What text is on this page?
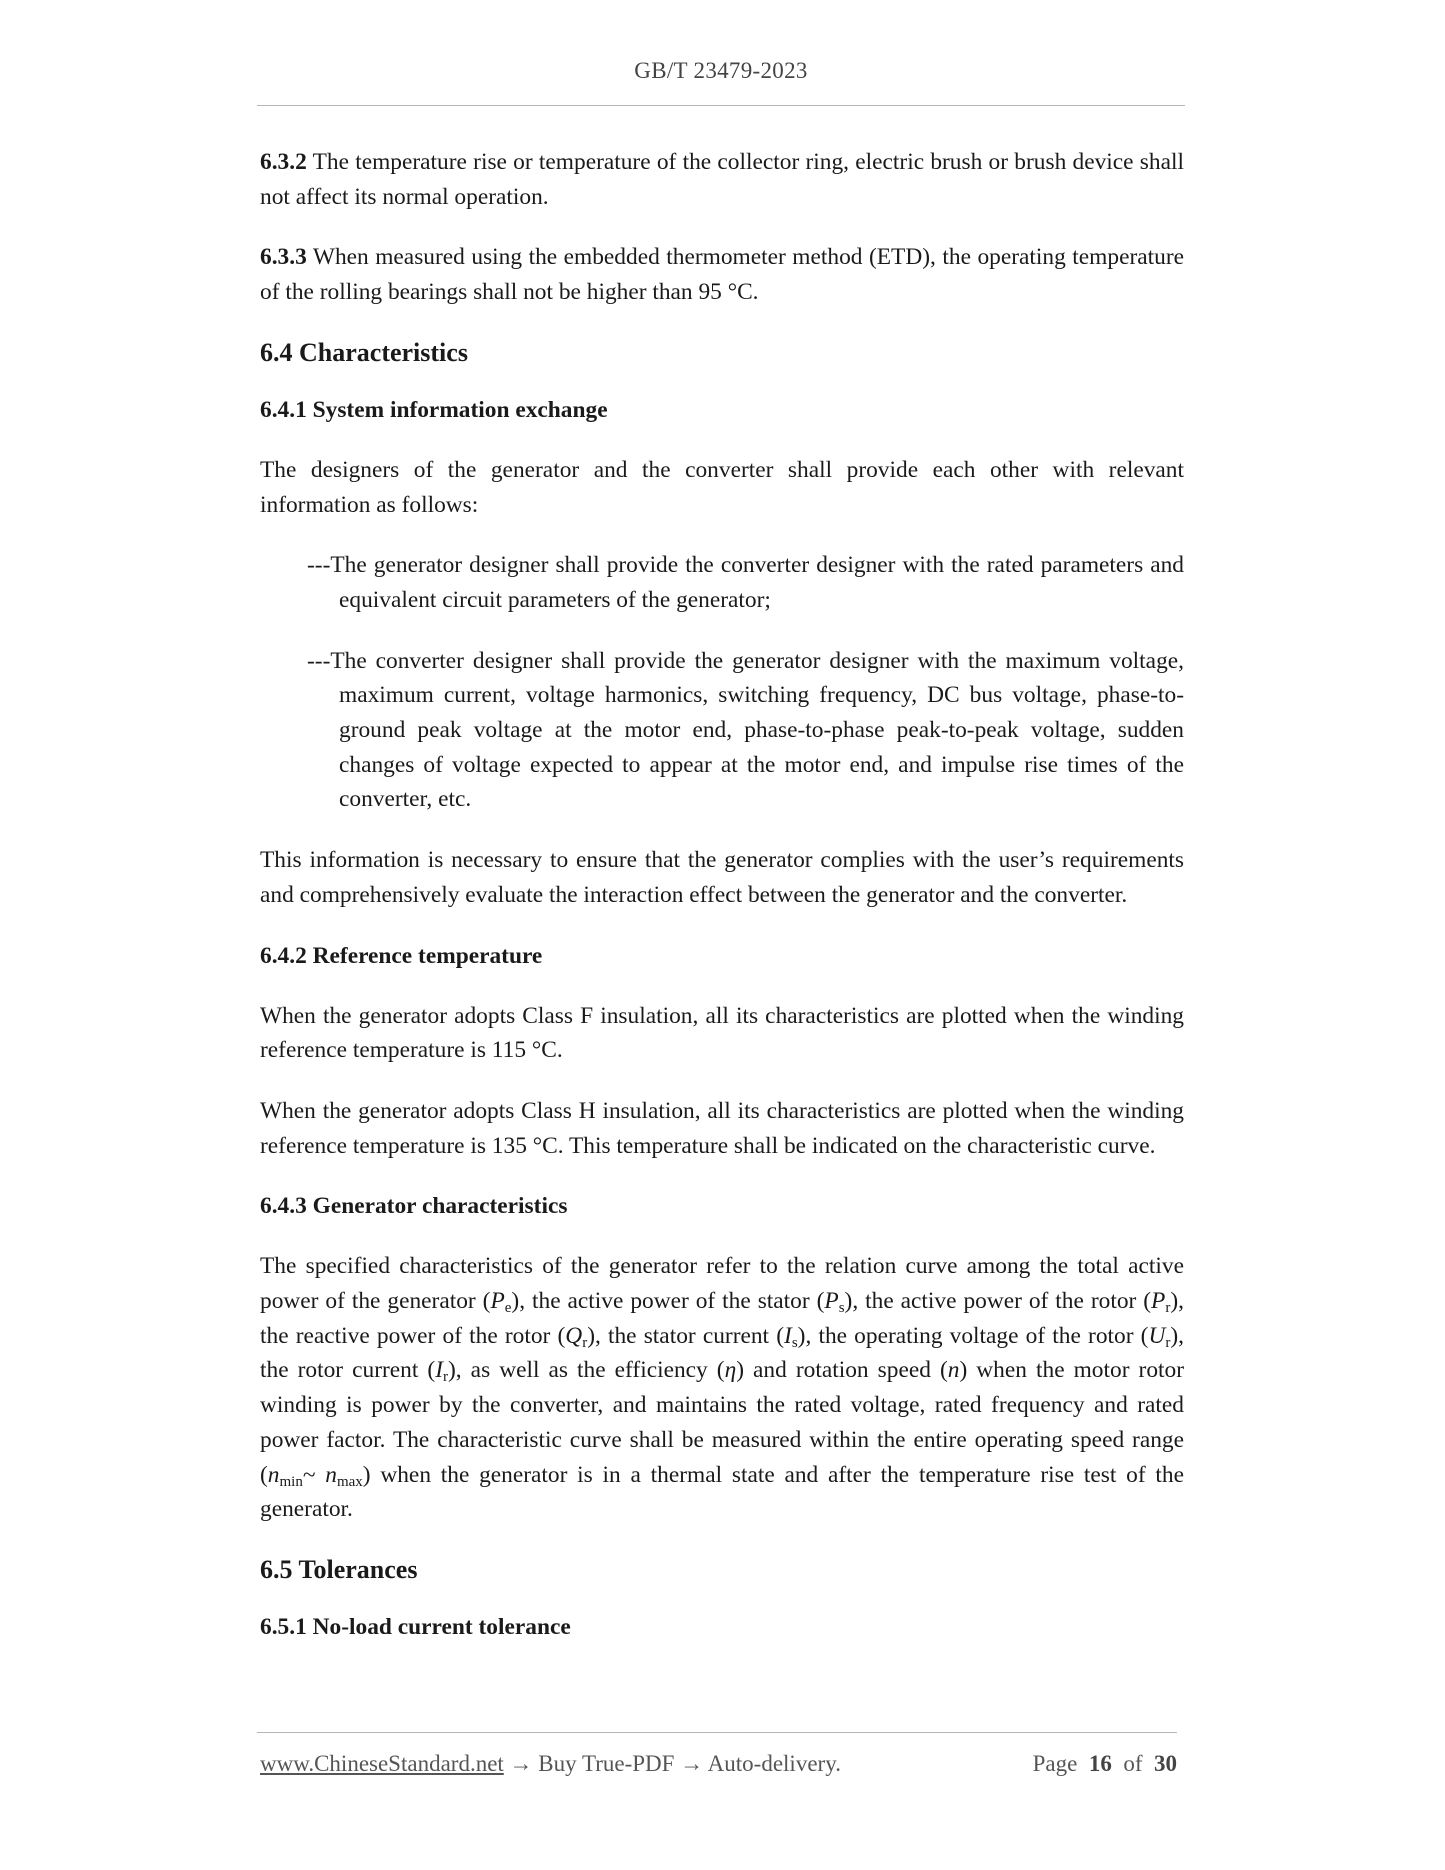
GB/T 23479-2023

6.3.2 The temperature rise or temperature of the collector ring, electric brush or brush device shall not affect its normal operation.

6.3.3 When measured using the embedded thermometer method (ETD), the operating temperature of the rolling bearings shall not be higher than 95 °C.

6.4 Characteristics
6.4.1 System information exchange

The designers of the generator and the converter shall provide each other with relevant information as follows:

---The generator designer shall provide the converter designer with the rated parameters and equivalent circuit parameters of the generator;

---The converter designer shall provide the generator designer with the maximum voltage, maximum current, voltage harmonics, switching frequency, DC bus voltage, phase-to-ground peak voltage at the motor end, phase-to-phase peak-to-peak voltage, sudden changes of voltage expected to appear at the motor end, and impulse rise times of the converter, etc.

This information is necessary to ensure that the generator complies with the user’s requirements and comprehensively evaluate the interaction effect between the generator and the converter.

6.4.2 Reference temperature

When the generator adopts Class F insulation, all its characteristics are plotted when the winding reference temperature is 115 °C.

When the generator adopts Class H insulation, all its characteristics are plotted when the winding reference temperature is 135 °C. This temperature shall be indicated on the characteristic curve.

6.4.3 Generator characteristics

The specified characteristics of the generator refer to the relation curve among the total active power of the generator $(P_e)$, the active power of the stator $(P_s)$, the active power of the rotor $(P_r)$, the reactive power of the rotor $(Q_r)$, the stator current $(I_s)$, the operating voltage of the rotor $(U_r)$, the rotor current $(I_r)$, as well as the efficiency (η) and rotation speed (n) when the motor rotor winding is power by the converter, and maintains the rated voltage, rated frequency and rated power factor. The characteristic curve shall be measured within the entire operating speed range ($n_{min}\sim$ $n_{max}$) when the generator is in a thermal state and after the temperature rise test of the generator.

6.5 Tolerances
6.5.1 No-load current tolerance
www.ChineseStandard.net → Buy True-PDF → Auto-delivery.	Page 16 of 30
